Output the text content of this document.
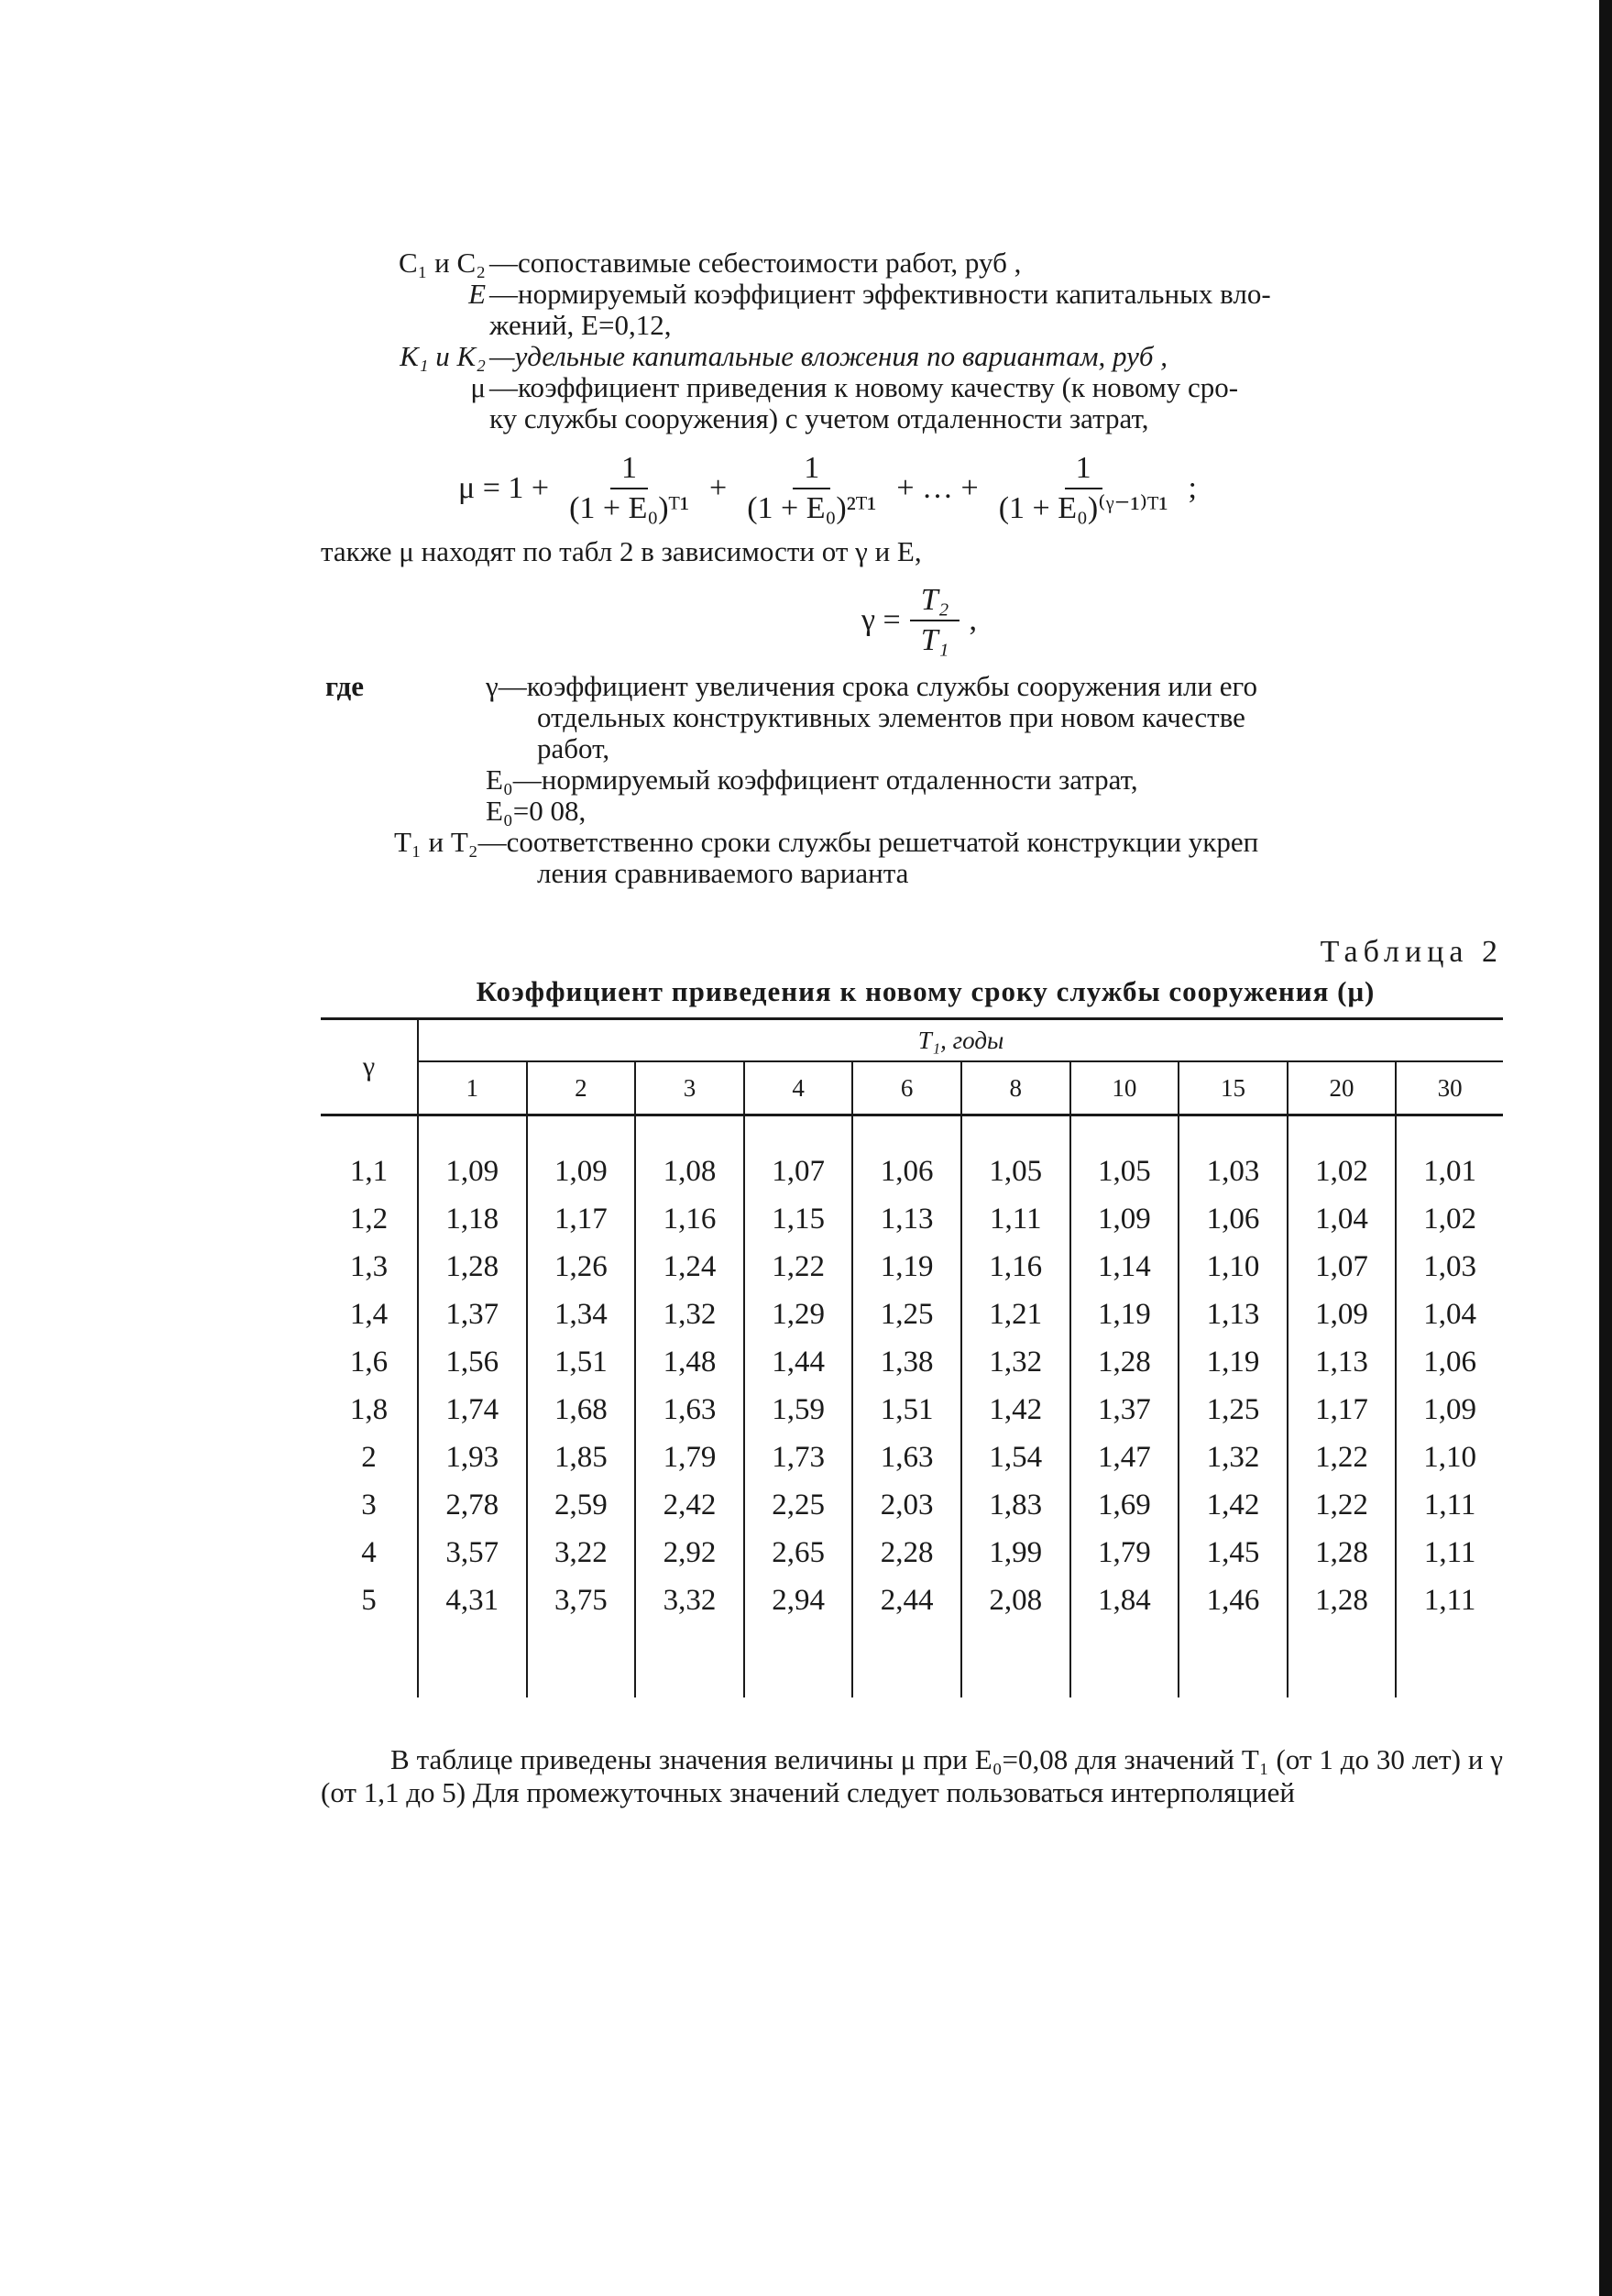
C₁ и C₂ —сопоставимые себестоимости работ, руб ,
E —нормируемый коэффициент эффективности капитальных вло-
жений, Е=0,12,
K₁ и K₂ —удельные капитальные вложения по вариантам, руб ,
μ —коэффициент приведения к новому качеству (к новому сро-
ку службы сооружения) с учетом отдаленности затрат,
$\mu = 1 + \frac{1}{\text{(1 + E₀)ᵀ¹}} + \frac{1}{\text{(1 + E₀)²ᵀ¹}}$ + … + $\frac{1}{\text{(1 + E₀)⁽ᵞ⁻¹⁾ᵀ¹}}$ ;
также μ находят по табл 2 в зависимости от γ и E,
$\gamma = \frac{\text{T₂}}{\text{T₁}}$ ,
где	γ—коэффициент увеличения срока службы сооружения или его
отдельных конструктивных элементов при новом качестве
работ,
E₀—нормируемый коэффициент отдаленности затрат,
E₀=0 08,
T₁ и T₂—соответственно сроки службы решетчатой конструкции укреп
ления сравниваемого варианта
Таблица 2
Коэффициент приведения к новому сроку службы сооружения (μ)
γ	T₁, годы									
	1	2	3	4	6	8	10	15	20	30
1,1	1,09	1,09	1,08	1,07	1,06	1,05	1,05	1,03	1,02	1,01
1,2	1,18	1,17	1,16	1,15	1,13	1,11	1,09	1,06	1,04	1,02
1,3	1,28	1,26	1,24	1,22	1,19	1,16	1,14	1,10	1,07	1,03
1,4	1,37	1,34	1,32	1,29	1,25	1,21	1,19	1,13	1,09	1,04
1,6	1,56	1,51	1,48	1,44	1,38	1,32	1,28	1,19	1,13	1,06
1,8	1,74	1,68	1,63	1,59	1,51	1,42	1,37	1,25	1,17	1,09
2	1,93	1,85	1,79	1,73	1,63	1,54	1,47	1,32	1,22	1,10
3	2,78	2,59	2,42	2,25	2,03	1,83	1,69	1,42	1,22	1,11
4	3,57	3,22	2,92	2,65	2,28	1,99	1,79	1,45	1,28	1,11
5	4,31	3,75	3,32	2,94	2,44	2,08	1,84	1,46	1,28	1,11

В таблице приведены значения величины μ при E₀=0,08 для значений T₁ (от 1 до 30 лет) и γ (от 1,1 до 5) Для промежуточных значений следует пользоваться интерполяцией
